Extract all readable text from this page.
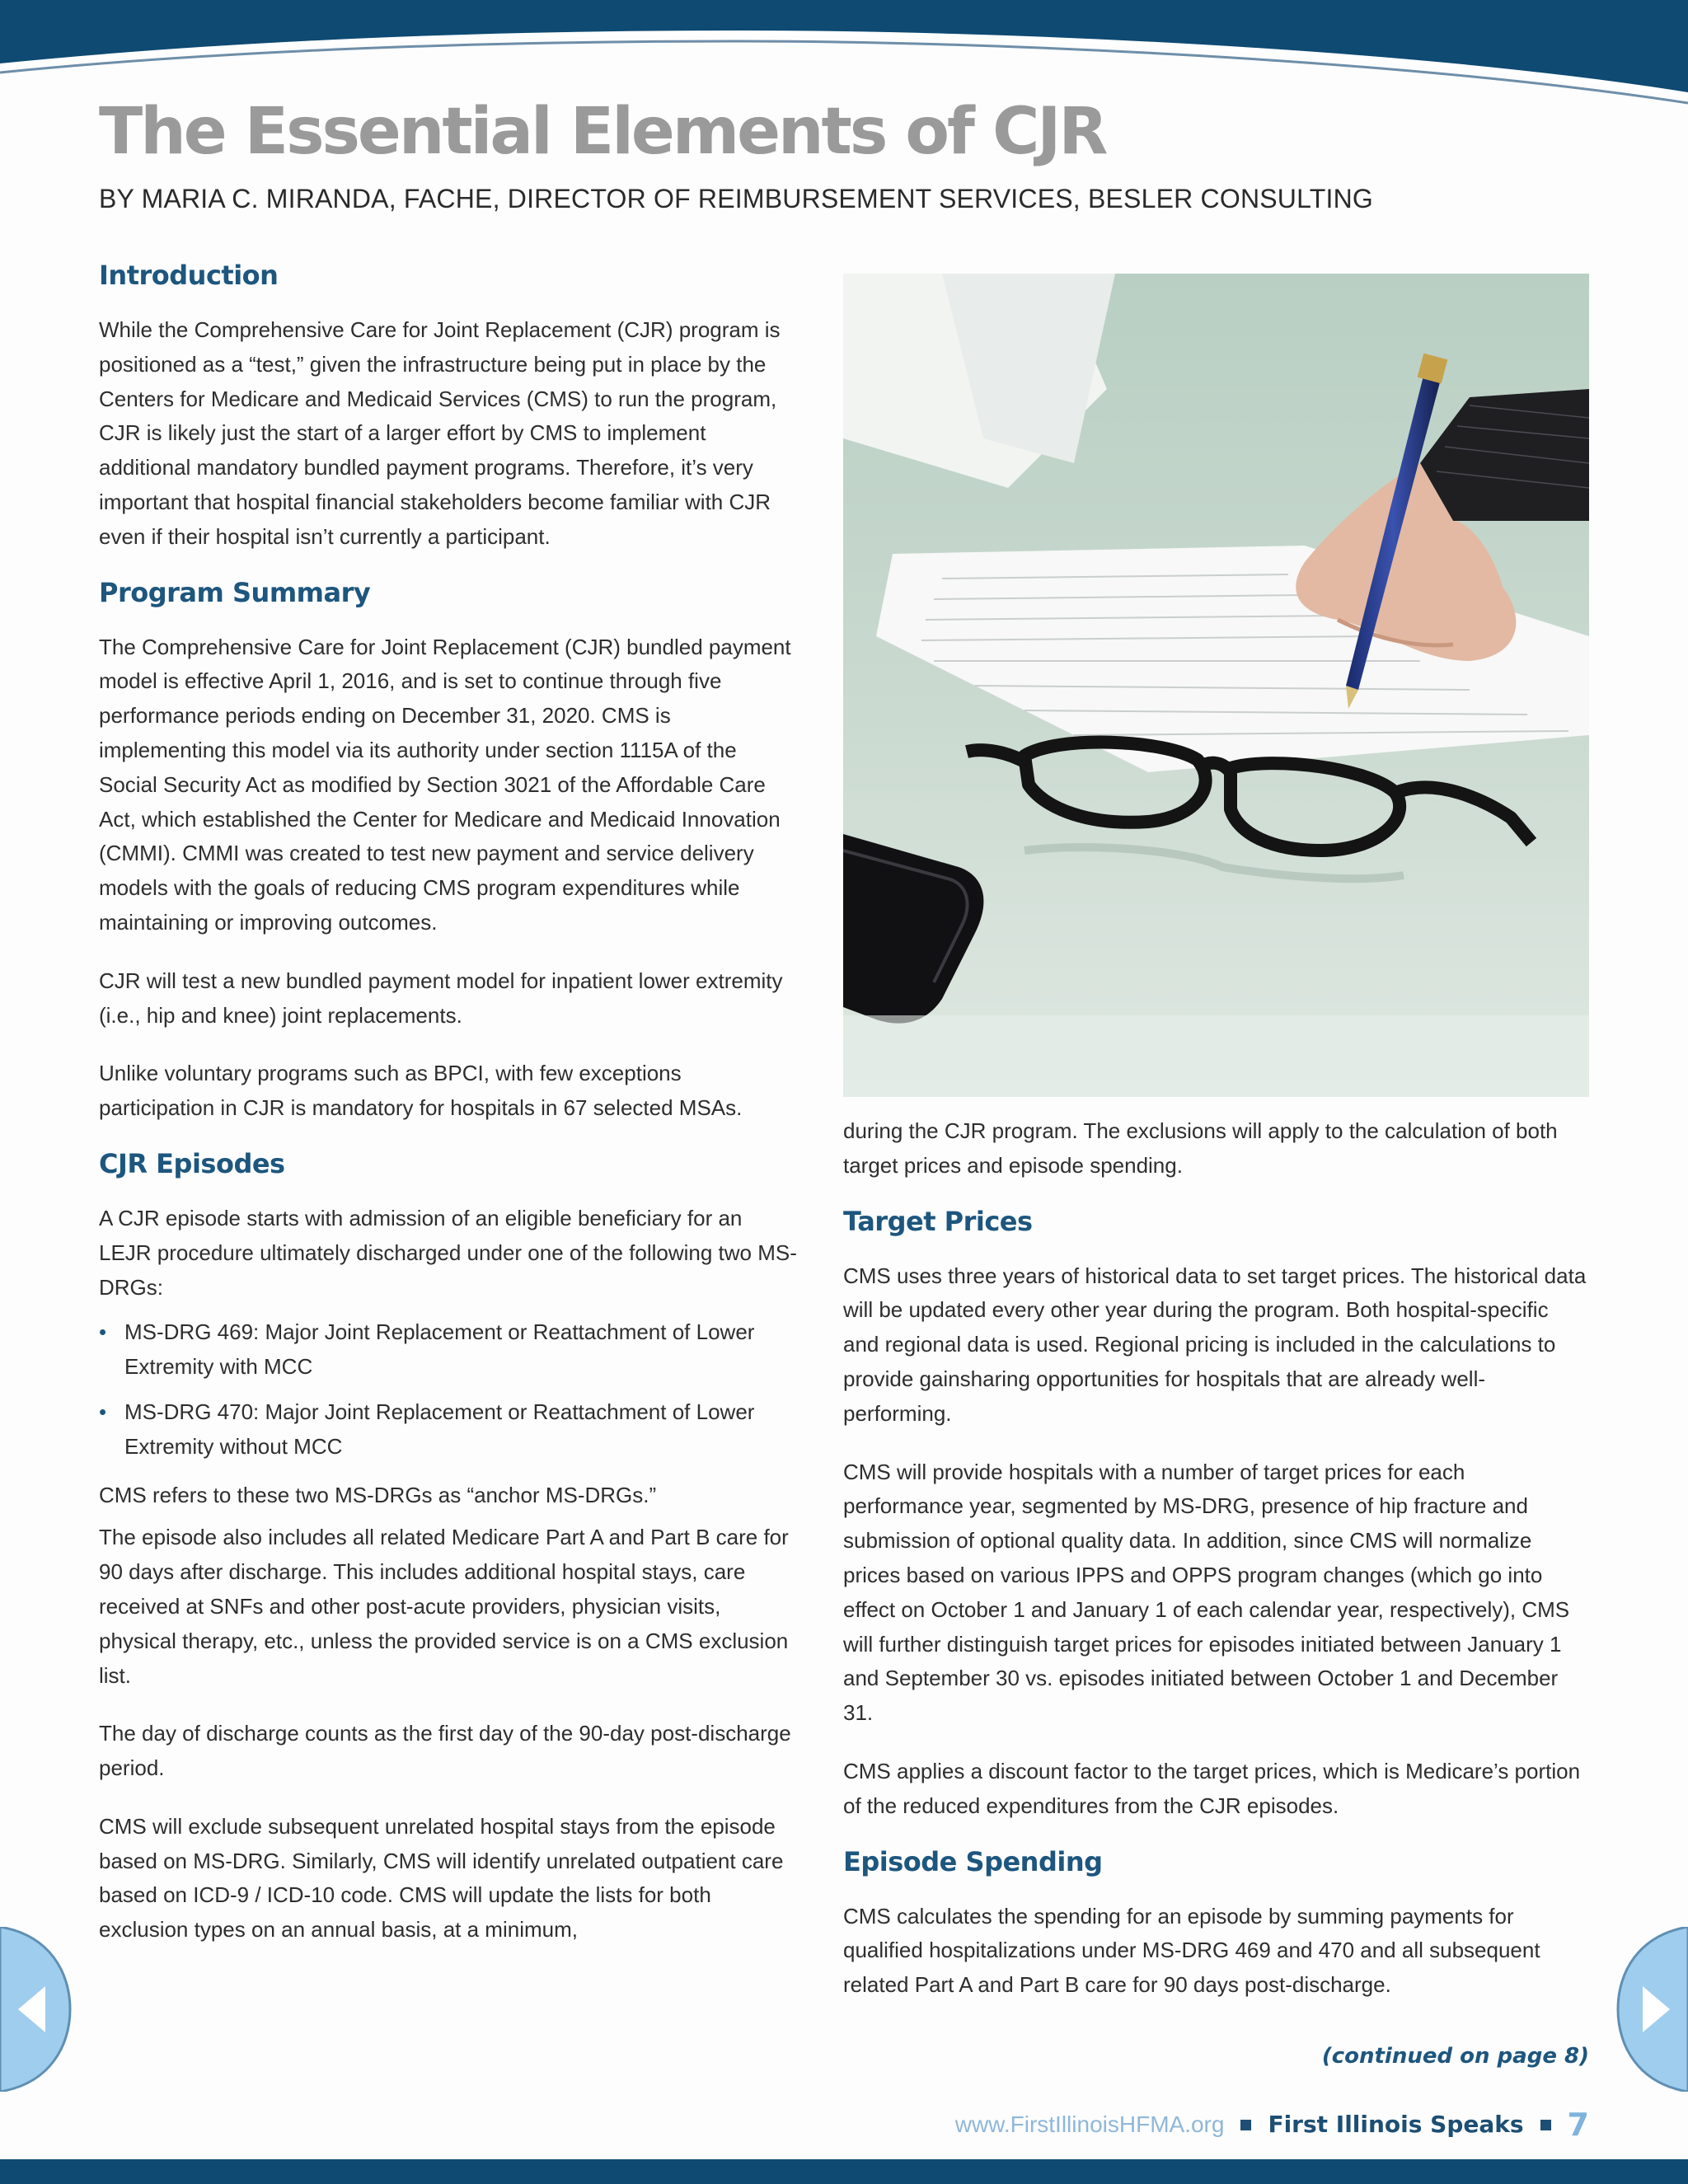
The Essential Elements of CJR

BY MARIA C. MIRANDA, FACHE, DIRECTOR OF REIMBURSEMENT SERVICES, BESLER CONSULTING

Introduction

While the Comprehensive Care for Joint Replacement (CJR) program is positioned as a “test,” given the infrastructure being put in place by the Centers for Medicare and Medicaid Services (CMS) to run the program, CJR is likely just the start of a larger effort by CMS to implement additional mandatory bundled payment programs. Therefore, it’s very important that hospital financial stakeholders become familiar with CJR even if their hospital isn’t currently a participant.

Program Summary

The Comprehensive Care for Joint Replacement (CJR) bundled payment model is effective April 1, 2016, and is set to continue through five performance periods ending on December 31, 2020. CMS is implementing this model via its authority under section 1115A of the Social Security Act as modified by Section 3021 of the Affordable Care Act, which established the Center for Medicare and Medicaid Innovation (CMMI). CMMI was created to test new payment and service delivery models with the goals of reducing CMS program expenditures while maintaining or improving outcomes.

CJR will test a new bundled payment model for inpatient lower extremity (i.e., hip and knee) joint replacements.

Unlike voluntary programs such as BPCI, with few exceptions participation in CJR is mandatory for hospitals in 67 selected MSAs.

CJR Episodes

A CJR episode starts with admission of an eligible beneficiary for an LEJR procedure ultimately discharged under one of the following two MS-DRGs:

• MS-DRG 469: Major Joint Replacement or Reattachment of Lower Extremity with MCC
• MS-DRG 470: Major Joint Replacement or Reattachment of Lower Extremity without MCC

CMS refers to these two MS-DRGs as “anchor MS-DRGs.”

The episode also includes all related Medicare Part A and Part B care for 90 days after discharge. This includes additional hospital stays, care received at SNFs and other post-acute providers, physician visits, physical therapy, etc., unless the provided service is on a CMS exclusion list.

The day of discharge counts as the first day of the 90-day post-discharge period.

CMS will exclude subsequent unrelated hospital stays from the episode based on MS-DRG. Similarly, CMS will identify unrelated outpatient care based on ICD-9 / ICD-10 code. CMS will update the lists for both exclusion types on an annual basis, at a minimum,

during the CJR program. The exclusions will apply to the calculation of both target prices and episode spending.

Target Prices

CMS uses three years of historical data to set target prices. The historical data will be updated every other year during the program. Both hospital-specific and regional data is used. Regional pricing is included in the calculations to provide gainsharing opportunities for hospitals that are already well-performing.

CMS will provide hospitals with a number of target prices for each performance year, segmented by MS-DRG, presence of hip fracture and submission of optional quality data. In addition, since CMS will normalize prices based on various IPPS and OPPS program changes (which go into effect on October 1 and January 1 of each calendar year, respectively), CMS will further distinguish target prices for episodes initiated between January 1 and September 30 vs. episodes initiated between October 1 and December 31.

CMS applies a discount factor to the target prices, which is Medicare’s portion of the reduced expenditures from the CJR episodes.

Episode Spending

CMS calculates the spending for an episode by summing payments for qualified hospitalizations under MS-DRG 469 and 470 and all subsequent related Part A and Part B care for 90 days post-discharge.

(continued on page 8)

www.FirstIllinoisHFMA.org First Illinois Speaks 7
